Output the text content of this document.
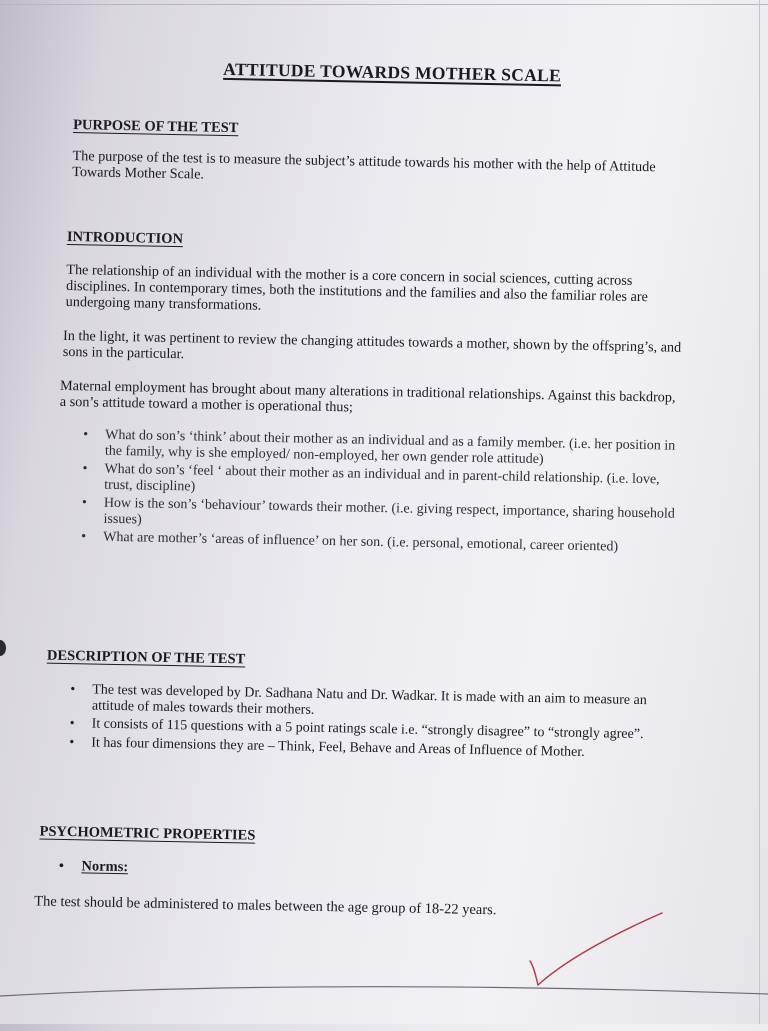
ATTITUDE TOWARDS MOTHER SCALE
PURPOSE OF THE TEST

The purpose of the test is to measure the subject’s attitude towards his mother with the help of Attitude Towards Mother Scale.

INTRODUCTION

The relationship of an individual with the mother is a core concern in social sciences, cutting across disciplines. In contemporary times, both the institutions and the families and also the familiar roles are undergoing many transformations.

In the light, it was pertinent to review the changing attitudes towards a mother, shown by the offspring’s, and sons in the particular.

Maternal employment has brought about many alterations in traditional relationships. Against this backdrop, a son’s attitude toward a mother is operational thus;

• What do son’s ‘think’ about their mother as an individual and as a family member. (i.e. her position in the family, why is she employed/ non-employed, her own gender role attitude)
• What do son’s ‘feel ‘ about their mother as an individual and in parent-child relationship. (i.e. love, trust, discipline)
• How is the son’s ‘behaviour’ towards their mother. (i.e. giving respect, importance, sharing household issues)
• What are mother’s ‘areas of influence’ on her son. (i.e. personal, emotional, career oriented)
DESCRIPTION OF THE TEST
• The test was developed by Dr. Sadhana Natu and Dr. Wadkar. It is made with an aim to measure an attitude of males towards their mothers.
• It consists of 115 questions with a 5 point ratings scale i.e. “strongly disagree” to “strongly agree”.
• It has four dimensions they are – Think, Feel, Behave and Areas of Influence of Mother.
PSYCHOMETRIC PROPERTIES
• Norms:

The test should be administered to males between the age group of 18-22 years.
